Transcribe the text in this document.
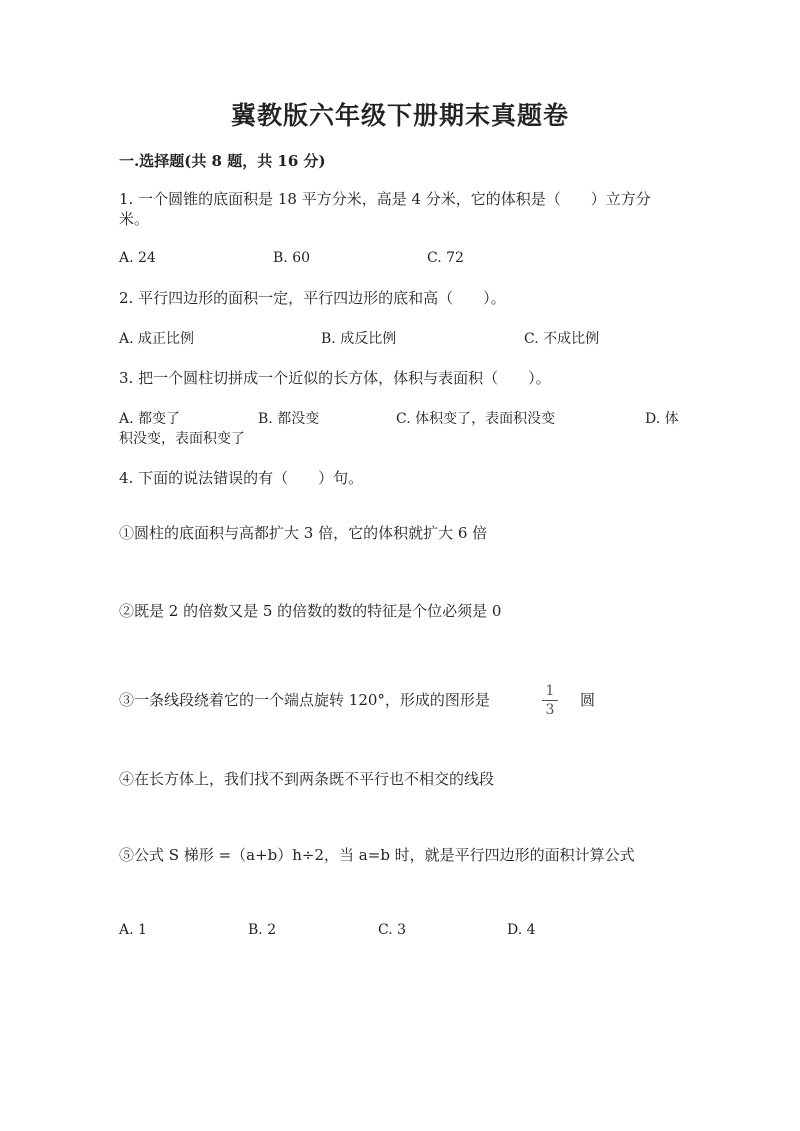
冀教版六年级下册期末真题卷
一.选择题(共 8 题，共 16 分)
1. 一个圆锥的底面积是 18 平方分米，高是 4 分米，它的体积是（　　）立方分
米。
A. 24	B. 60	C. 72
2. 平行四边形的面积一定，平行四边形的底和高（　　）。
A. 成正比例	B. 成反比例	C. 不成比例
3. 把一个圆柱切拼成一个近似的长方体，体积与表面积（　　）。
A. 都变了	B. 都没变	C. 体积变了，表面积没变	D. 体
积没变，表面积变了
4. 下面的说法错误的有（　　）句。
①圆柱的底面积与高都扩大 3 倍，它的体积就扩大 6 倍
②既是 2 的倍数又是 5 的倍数的数的特征是个位必须是 0
③一条线段绕着它的一个端点旋转 120°，形成的图形是	1
3
圆
④在长方体上，我们找不到两条既不平行也不相交的线段
⑤公式 S 梯形 =（a+b）h÷2，当 a=b 时，就是平行四边形的面积计算公式
A. 1	B. 2	C. 3	D. 4
